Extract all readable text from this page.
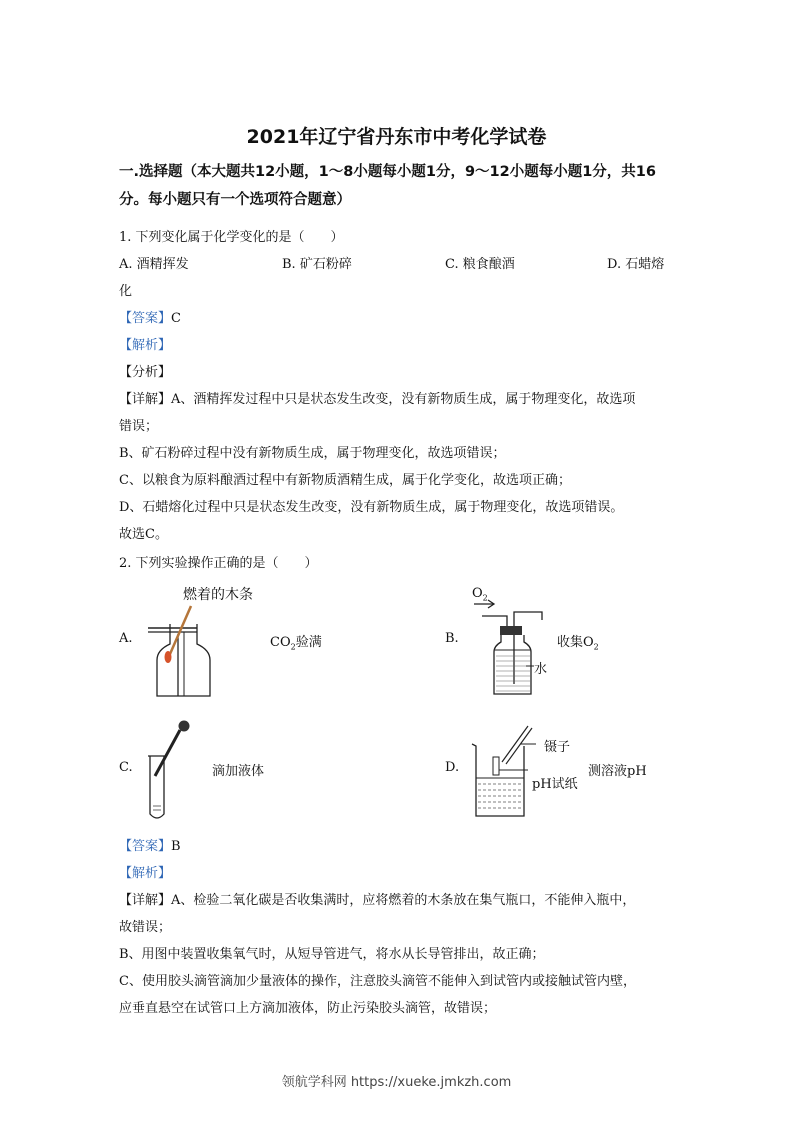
2021年辽宁省丹东市中考化学试卷
一.选择题（本大题共12小题，1～8小题每小题1分，9～12小题每小题1分，共16分。每小题只有一个选项符合题意）
1. 下列变化属于化学变化的是（　　）
A. 酒精挥发	B. 矿石粉碎	C. 粮食酿酒	D. 石蜡熔
化
【答案】C
【解析】
【分析】
【详解】A、酒精挥发过程中只是状态发生改变，没有新物质生成，属于物理变化，故选项
错误；
B、矿石粉碎过程中没有新物质生成，属于物理变化，故选项错误；
C、以粮食为原料酿酒过程中有新物质酒精生成，属于化学变化，故选项正确；
D、石蜡熔化过程中只是状态发生改变，没有新物质生成，属于物理变化，故选项错误。
故选C。
2. 下列实验操作正确的是（　　）
A.
燃着的木条
$CO_2$验满	B.
$O_2$
水
收集$O_2$
C.	滴加液体	D.
镊子
pH试纸
测溶液pH
【答案】B
【解析】
【详解】A、检验二氧化碳是否收集满时，应将燃着的木条放在集气瓶口，不能伸入瓶中，
故错误；
B、用图中装置收集氧气时，从短导管进气，将水从长导管排出，故正确；
C、使用胶头滴管滴加少量液体的操作，注意胶头滴管不能伸入到试管内或接触试管内壁，
应垂直悬空在试管口上方滴加液体，防止污染胶头滴管，故错误；
领航学科网 https://xueke.jmkzh.com
